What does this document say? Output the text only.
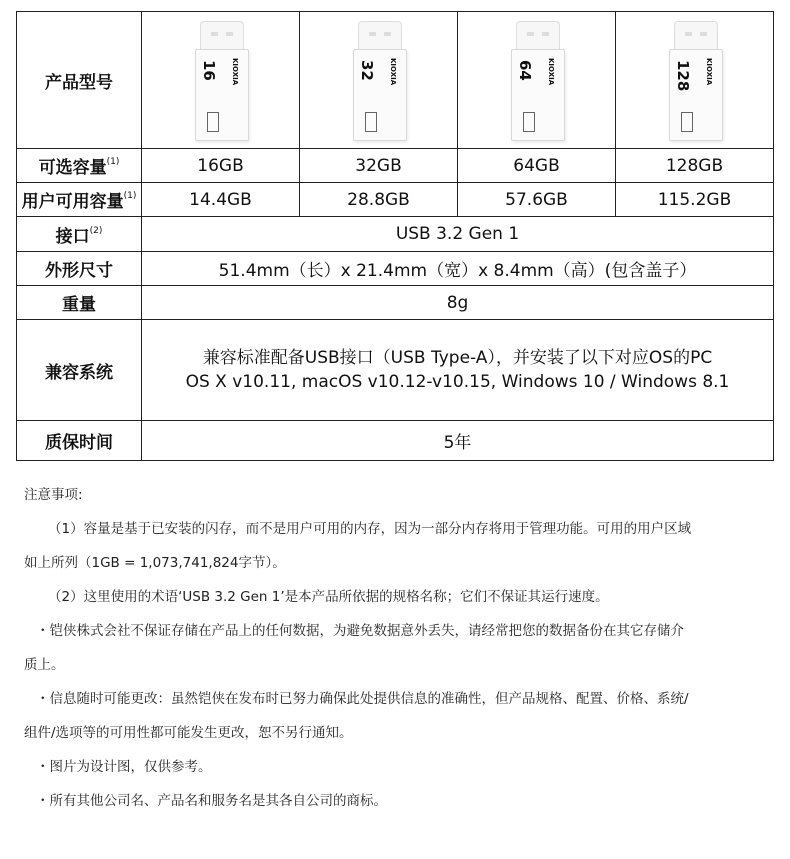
产品型号	16 KIOXIA	32 KIOXIA	64 KIOXIA	128 KIOXIA

可选容量$^{(1)}$	16GB	32GB	64GB	128GB
用户可用容量$^{(1)}$	14.4GB	28.8GB	57.6GB	115.2GB
接口$^{(2)}$	USB 3.2 Gen 1			
外形尺寸	51.4mm（长）x 21.4mm（宽）x 8.4mm（高）(包含盖子）			
重量	8g			
兼容系统	兼容标准配备USB接口（USB Type-A），并安装了以下对应OS的PC
OS X v10.11, macOS v10.12-v10.15, Windows 10 / Windows 8.1			

质保时间	5年			

注意事项:

（1）容量是基于已安装的闪存，而不是用户可用的内存，因为一部分内存将用于管理功能。可用的用户区域

如上所列（1GB = 1,073,741,824字节）。

（2）这里使用的术语‘USB 3.2 Gen 1’是本产品所依据的规格名称；它们不保证其运行速度。

・铠侠株式会社不保证存储在产品上的任何数据，为避免数据意外丢失，请经常把您的数据备份在其它存储介

质上。

・信息随时可能更改：虽然铠侠在发布时已努力确保此处提供信息的准确性，但产品规格、配置、价格、系统/

组件/选项等的可用性都可能发生更改，恕不另行通知。

・图片为设计图，仅供参考。

・所有其他公司名、产品名和服务名是其各自公司的商标。
